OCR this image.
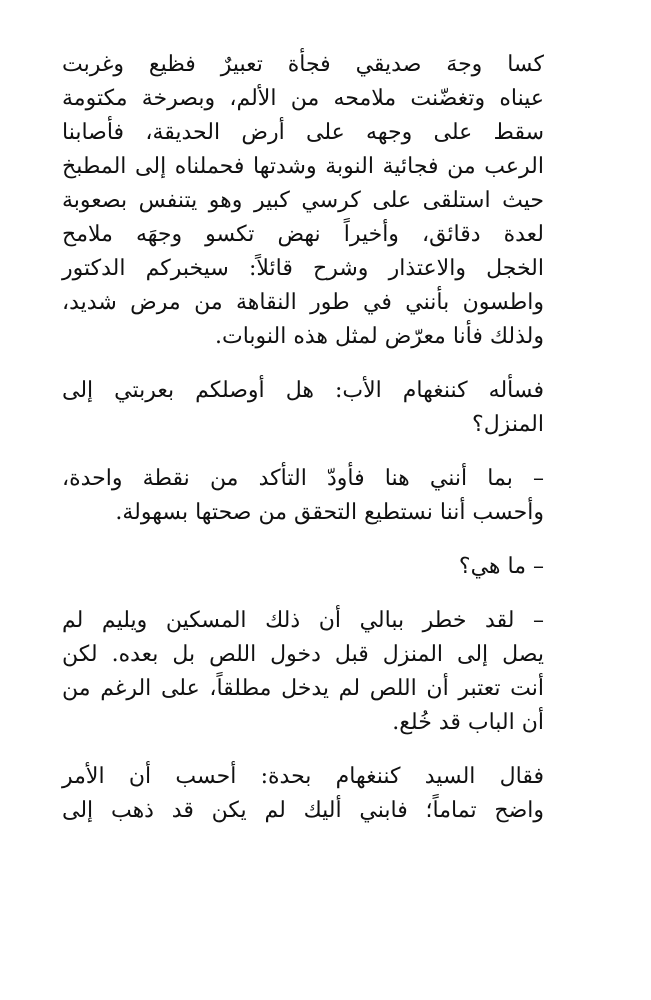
كسا وجهَ صديقي فجأة تعبيرٌ فظيع وغربت
عيناه وتغضّنت ملامحه من الألم، وبصرخة مكتومة
سقط على وجهه على أرض الحديقة، فأصابنا
الرعب من فجائية النوبة وشدتها فحملناه إلى المطبخ
حيث استلقى على كرسي كبير وهو يتنفس بصعوبة
لعدة دقائق، وأخيراً نهض تكسو وجهَه ملامح
الخجل والاعتذار وشرح قائلاً: سيخبركم الدكتور
واطسون بأنني في طور النقاهة من مرض شديد،
ولذلك فأنا معرّض لمثل هذه النوبات.

فسأله كننغهام الأب: هل أوصلكم بعربتي إلى
المنزل؟

– بما أنني هنا فأودّ التأكد من نقطة واحدة،
وأحسب أننا نستطيع التحقق من صحتها بسهولة.

– ما هي؟

– لقد خطر ببالي أن ذلك المسكين ويليم لم
يصل إلى المنزل قبل دخول اللص بل بعده. لكن
أنت تعتبر أن اللص لم يدخل مطلقاً، على الرغم من
أن الباب قد خُلع.

فقال السيد كننغهام بحدة: أحسب أن الأمر
واضح تماماً؛ فابني أليك لم يكن قد ذهب إلى
